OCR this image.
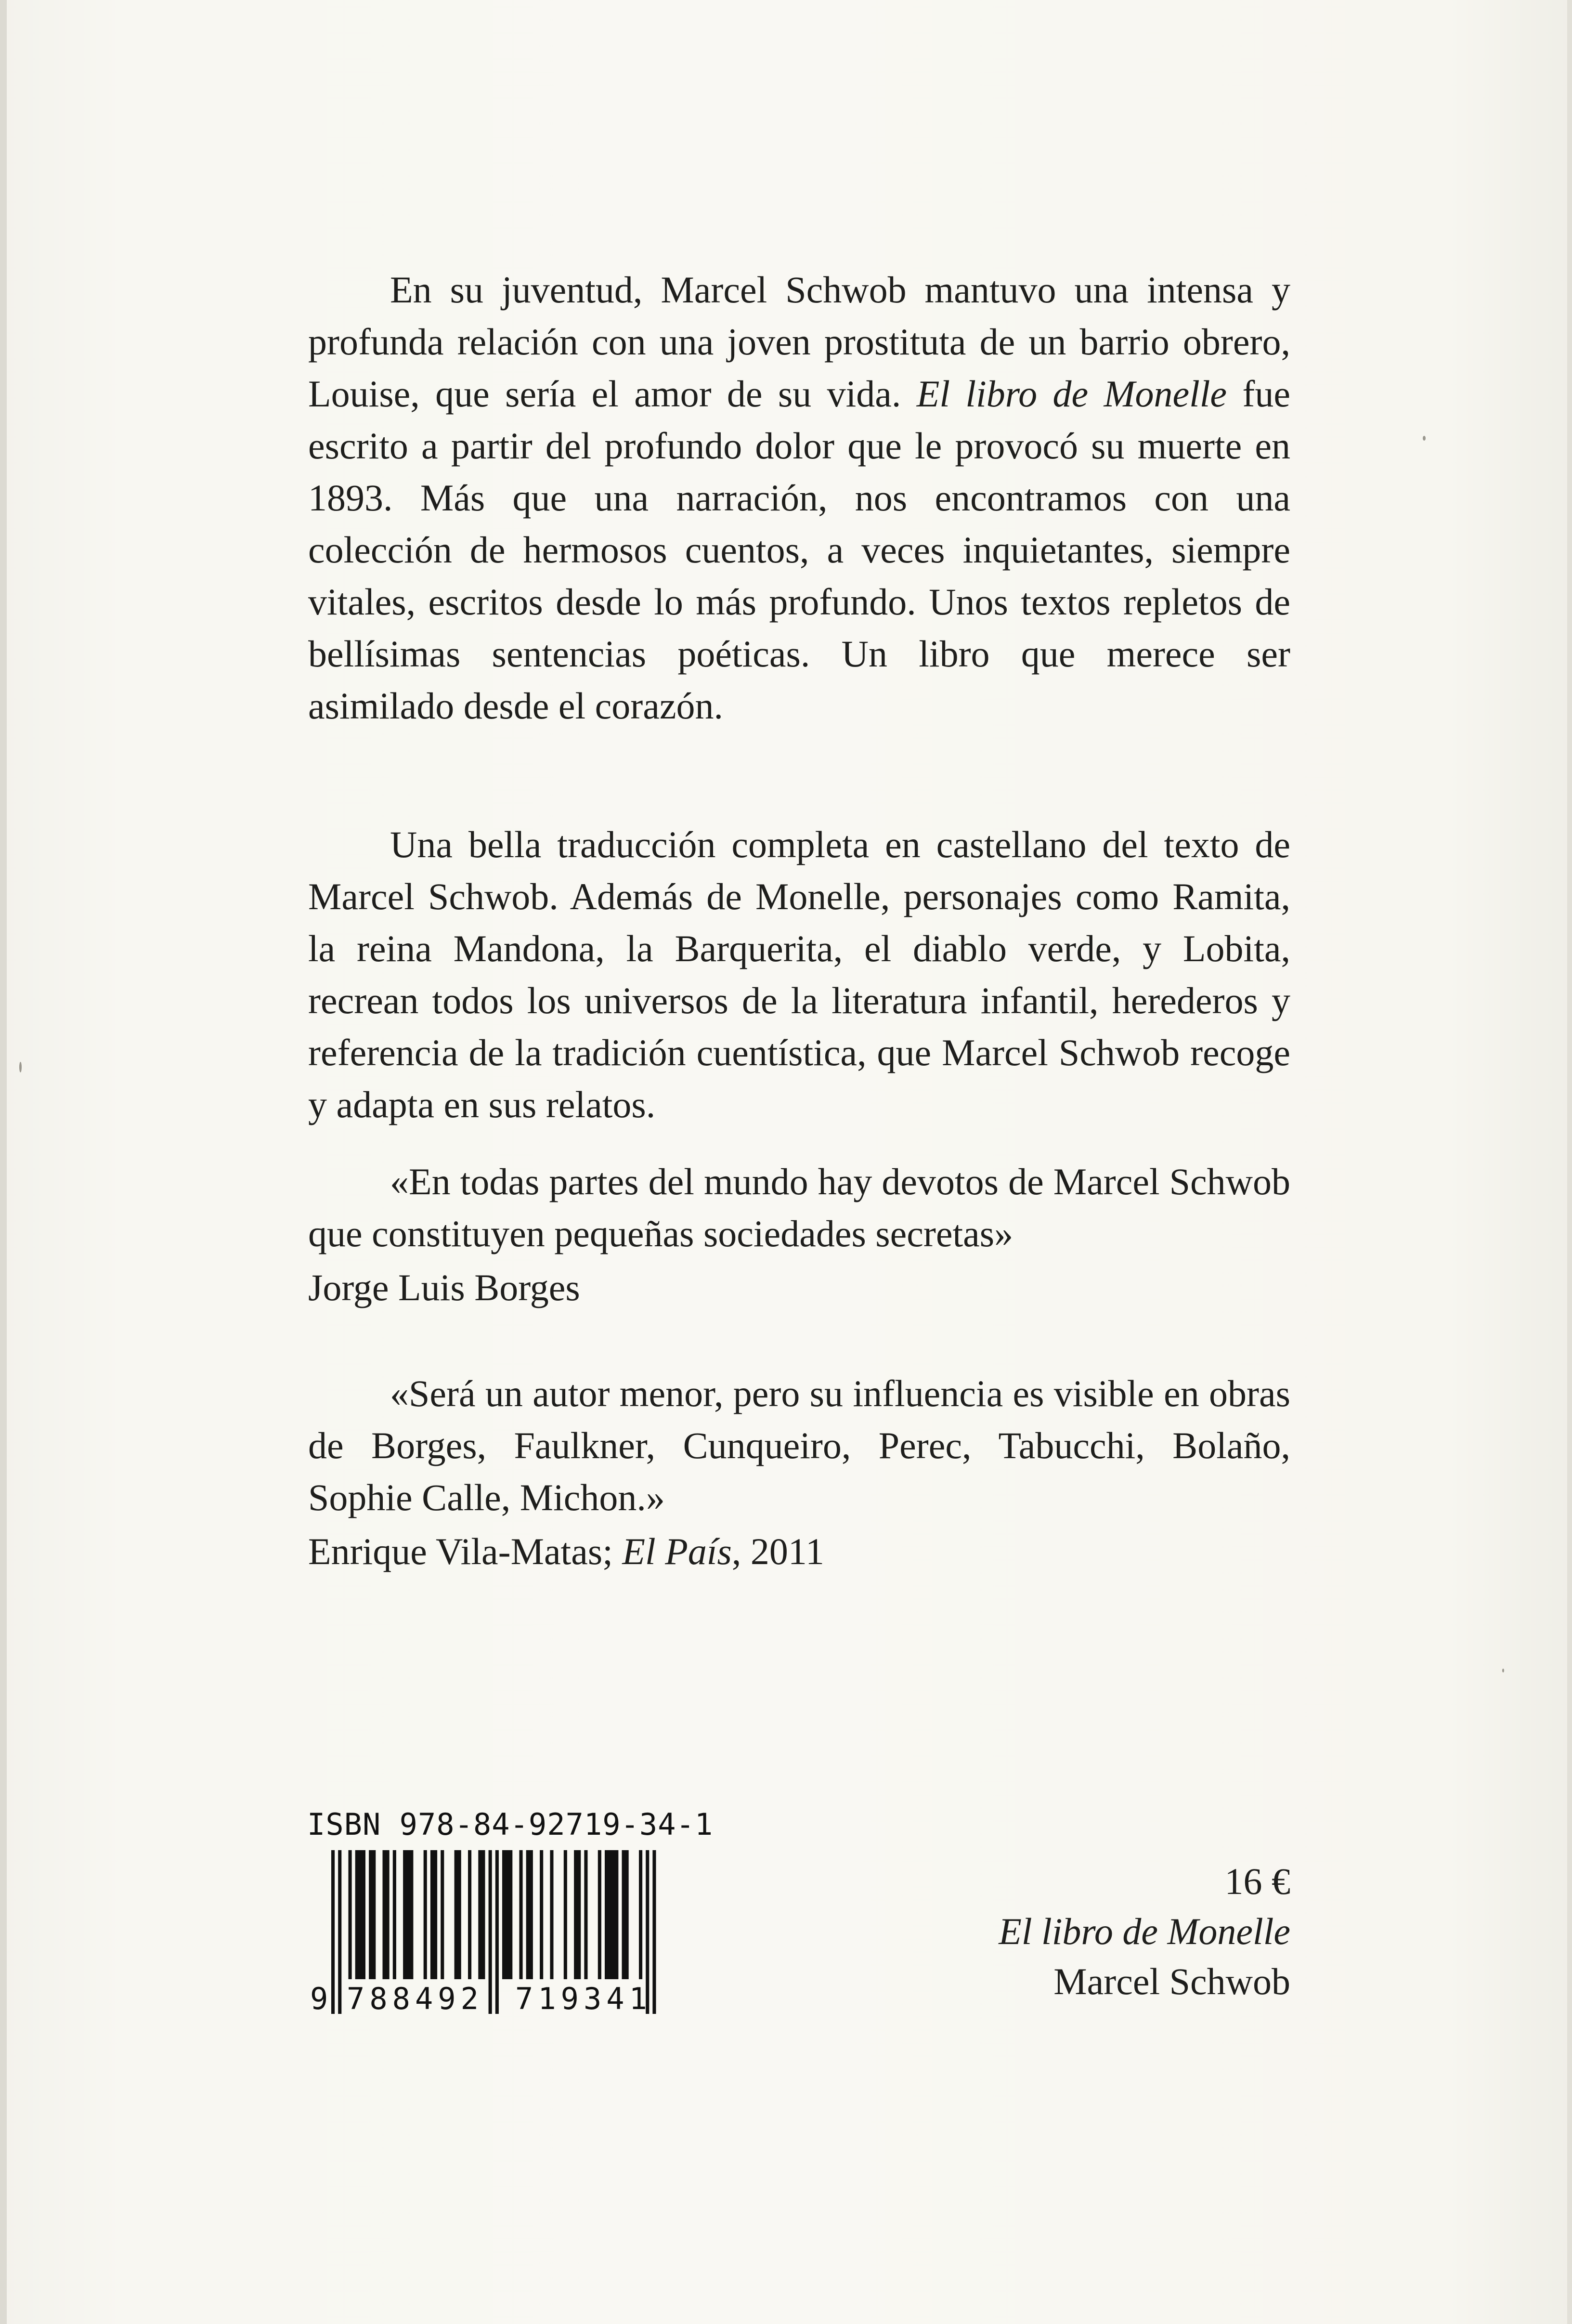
En su juventud, Marcel Schwob mantuvo una intensa y profunda relación con una joven prostituta de un barrio obrero, Louise, que sería el amor de su vida. El libro de Monelle fue escrito a partir del profundo dolor que le provocó su muerte en 1893. Más que una narración, nos encontramos con una colección de hermosos cuentos, a veces inquietantes, siempre vitales, escritos desde lo más profundo. Unos textos repletos de bellísimas sentencias poéticas. Un libro que merece ser asimilado desde el corazón.

Una bella traducción completa en castellano del texto de Marcel Schwob. Además de Monelle, personajes como Ramita, la reina Mandona, la Barquerita, el diablo verde, y Lobita, recrean todos los universos de la literatura infantil, herederos y referencia de la tradición cuentística, que Marcel Schwob recoge y adapta en sus relatos.

«En todas partes del mundo hay devotos de Marcel Schwob que constituyen pequeñas sociedades secretas»

Jorge Luis Borges

«Será un autor menor, pero su influencia es visible en obras de Borges, Faulkner, Cunqueiro, Perec, Tabucchi, Bolaño, Sophie Calle, Michon.»

Enrique Vila-Matas; El País, 2011
ISBN 978-84-92719-34-1
9 788492 719341
16 €
El libro de Monelle
Marcel Schwob
